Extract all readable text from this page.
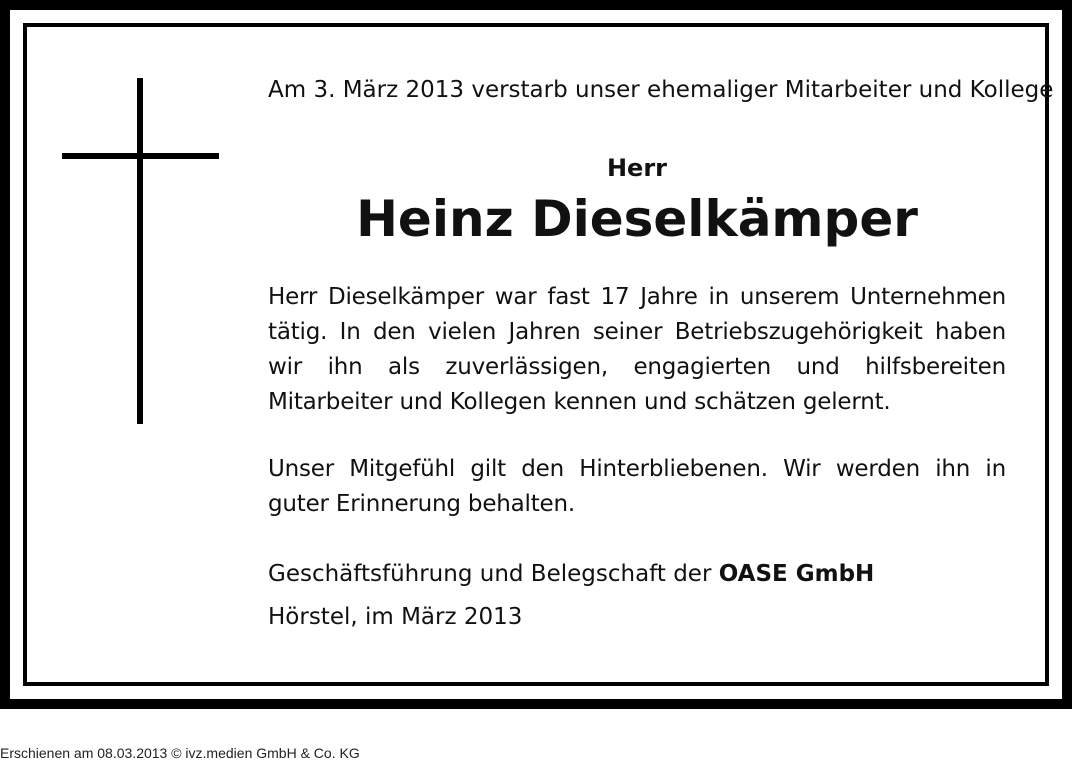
Am 3. März 2013 verstarb unser ehemaliger Mitarbeiter und Kollege

Herr

Heinz Dieselkämper

Herr Dieselkämper war fast 17 Jahre in unserem Unternehmen tätig. In den vielen Jahren seiner Betriebszugehörigkeit haben wir ihn als zuverlässigen, engagierten und hilfsbereiten Mitarbeiter und Kollegen kennen und schätzen gelernt.

Unser Mitgefühl gilt den Hinterbliebenen. Wir werden ihn in guter Erinnerung behalten.

Geschäftsführung und Belegschaft der OASE GmbH

Hörstel, im März 2013

Erschienen am 08.03.2013 © ivz.medien GmbH & Co. KG
